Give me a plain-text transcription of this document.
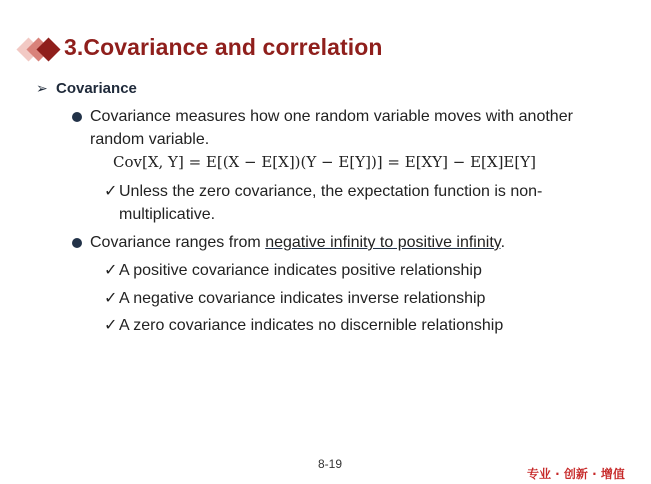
3.Covariance and correlation
➢ Covariance
Covariance measures how one random variable moves with another
random variable.
Cov[X, Y] = E[(X − E[X])(Y − E[Y])] = E[XY] − E[X]E[Y]
✓ Unless the zero covariance, the expectation function is non-
multiplicative.
Covariance ranges from negative infinity to positive infinity.
✓ A positive covariance indicates positive relationship
✓ A negative covariance indicates inverse relationship
✓ A zero covariance indicates no discernible relationship
8-19
专业 · 创新 · 增值
